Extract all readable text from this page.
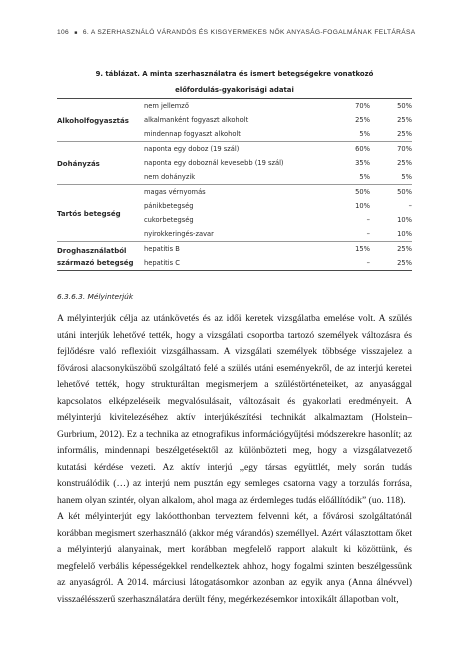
106 ■ 6. A SZERHASZNÁLÓ VÁRANDÓS ÉS KISGYERMEKES NŐK ANYASÁG-FOGALMÁNAK FELTÁRÁSA
9. táblázat. A minta szerhasználatra és ismert betegségekre vonatkozó
előfordulás-gyakorisági adatai
Alkoholfogyasztás
nem jellemző	70%	50%
alkalmanként fogyaszt alkoholt	25%	25%
mindennap fogyaszt alkoholt	5%	25%
Dohányzás
naponta egy doboz (19 szál)	60%	70%
naponta egy doboznál kevesebb (19 szál)	35%	25%
nem dohányzik	5%	5%
Tartós betegség
magas vérnyomás	50%	50%
pánikbetegség	10%	–
cukorbetegség	–	10%
nyirokkeringés-zavar	–	10%
Droghasználatból
származó betegség
hepatitis B	15%	25%
hepatitis C	–	25%
6.3.6.3. Mélyinterjúk

A mélyinterjúk célja az utánkövetés és az idői keretek vizsgálatba emelése volt. A szülés utáni interjúk lehetővé tették, hogy a vizsgálati csoportba tartozó személyek változásra és fejlődésre való reflexióit vizsgálhassam. A vizsgálati személyek többsége visszajelez a fővárosi alacsonyküszöbű szolgáltató felé a szülés utáni eseményekről, de az interjú keretei lehetővé tették, hogy strukturáltan megismerjem a szüléstörténeteiket, az anyasággal kapcsolatos elképzeléseik megvalósulásait, változásait és gyakorlati eredményeit. A mélyinterjú kivitelezéséhez aktív interjúkészítési technikát alkalmaztam (Holstein–Gurbrium, 2012). Ez a technika az etnografikus információgyűjtési módszerekre hasonlít; az informális, mindennapi beszélgetésektől az különbözteti meg, hogy a vizsgálatvezető kutatási kérdése vezeti. Az aktív interjú „egy társas együttlét, mely során tudás konstruálódik (…) az interjú nem pusztán egy semleges csatorna vagy a torzulás forrása, hanem olyan szintér, olyan alkalom, ahol maga az érdemleges tudás előállítódik” (uo. 118).

A két mélyinterjút egy lakóotthonban terveztem felvenni két, a fővárosi szolgáltatónál korábban megismert szerhasználó (akkor még várandós) személlyel. Azért választottam őket a mélyinterjú alanyainak, mert korábban megfelelő rapport alakult ki közöttünk, és megfelelő verbális képességekkel rendelkeztek ahhoz, hogy fogalmi szinten beszélgessünk az anyaságról. A 2014. márciusi látogatásomkor azonban az egyik anya (Anna álnévvel) visszaélésszerű szerhasználatára derült fény, megérkezésemkor intoxikált állapotban volt,
